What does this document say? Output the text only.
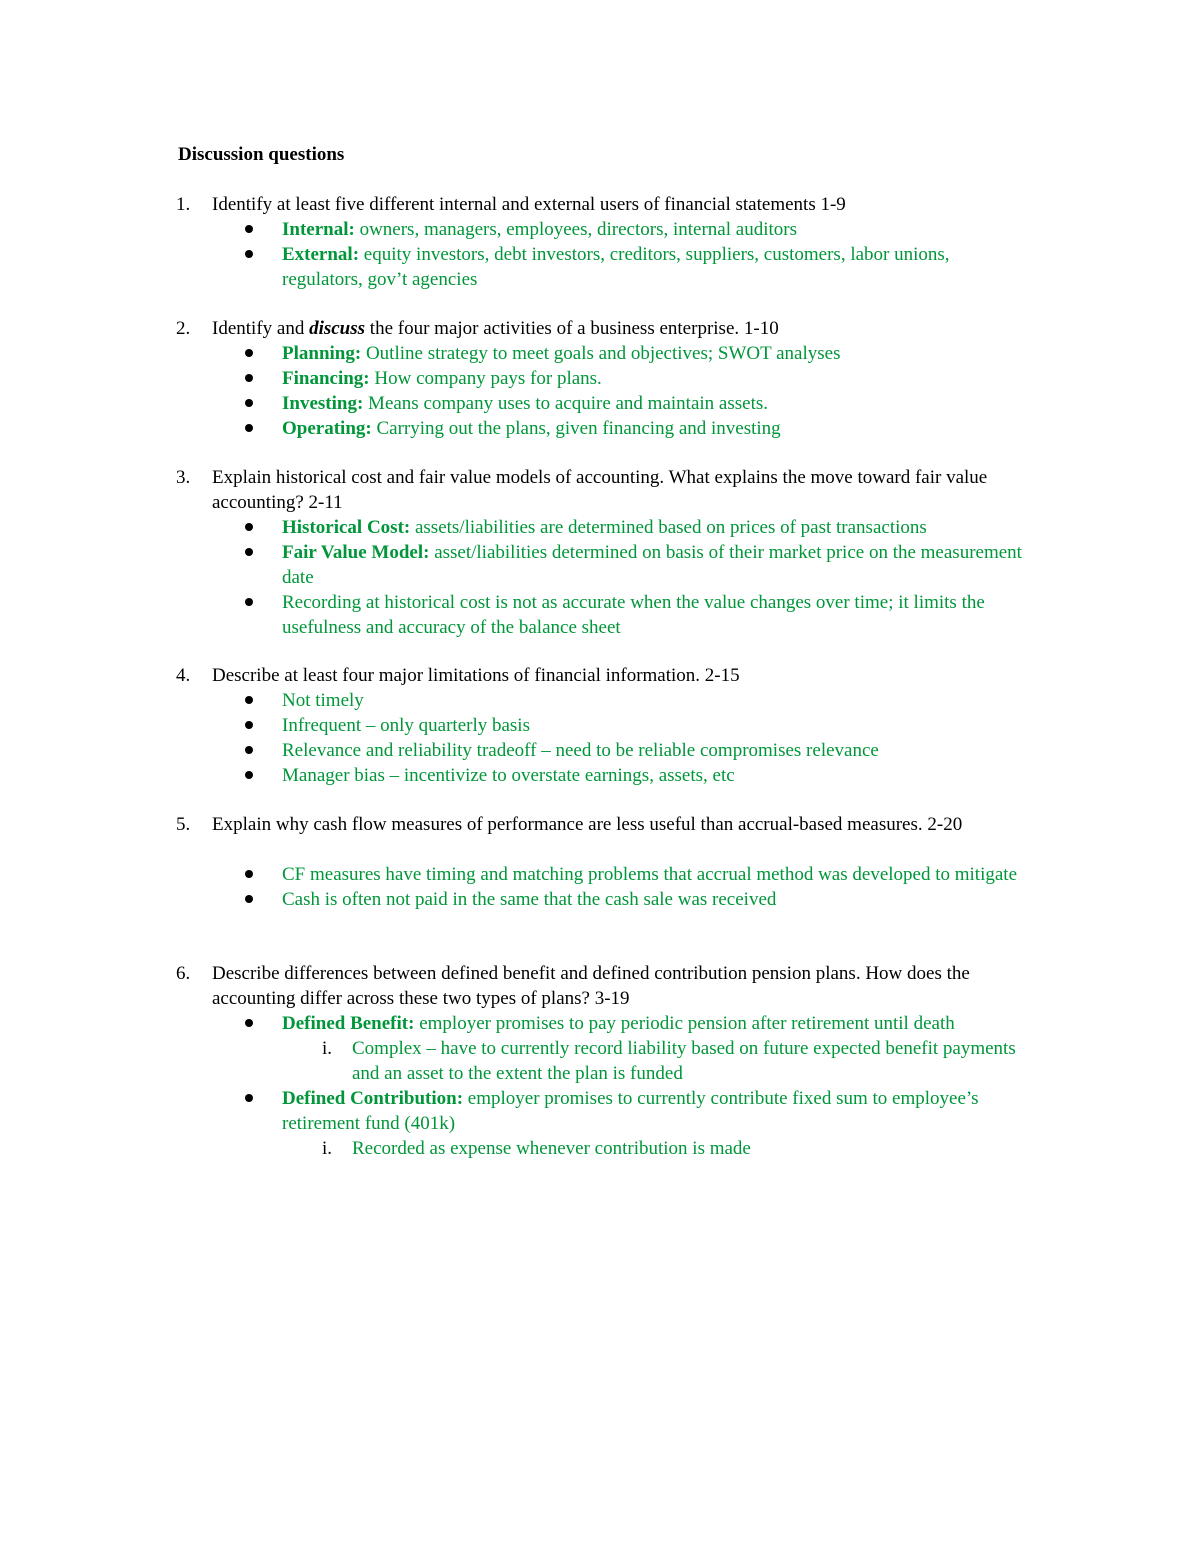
Discussion questions
1. Identify at least five different internal and external users of financial statements 1-9
Internal: owners, managers, employees, directors, internal auditors
External: equity investors, debt investors, creditors, suppliers, customers, labor unions, regulators, gov’t agencies
2. Identify and discuss the four major activities of a business enterprise. 1-10
Planning: Outline strategy to meet goals and objectives; SWOT analyses
Financing: How company pays for plans.
Investing: Means company uses to acquire and maintain assets.
Operating: Carrying out the plans, given financing and investing
3. Explain historical cost and fair value models of accounting. What explains the move toward fair value accounting? 2-11
Historical Cost: assets/liabilities are determined based on prices of past transactions
Fair Value Model: asset/liabilities determined on basis of their market price on the measurement date
Recording at historical cost is not as accurate when the value changes over time; it limits the usefulness and accuracy of the balance sheet
4. Describe at least four major limitations of financial information. 2-15
Not timely
Infrequent – only quarterly basis
Relevance and reliability tradeoff – need to be reliable compromises relevance
Manager bias – incentivize to overstate earnings, assets, etc
5. Explain why cash flow measures of performance are less useful than accrual-based measures. 2-20
CF measures have timing and matching problems that accrual method was developed to mitigate
Cash is often not paid in the same that the cash sale was received
6. Describe differences between defined benefit and defined contribution pension plans. How does the accounting differ across these two types of plans? 3-19
Defined Benefit: employer promises to pay periodic pension after retirement until death
i. Complex – have to currently record liability based on future expected benefit payments and an asset to the extent the plan is funded
Defined Contribution: employer promises to currently contribute fixed sum to employee’s retirement fund (401k)
i. Recorded as expense whenever contribution is made
